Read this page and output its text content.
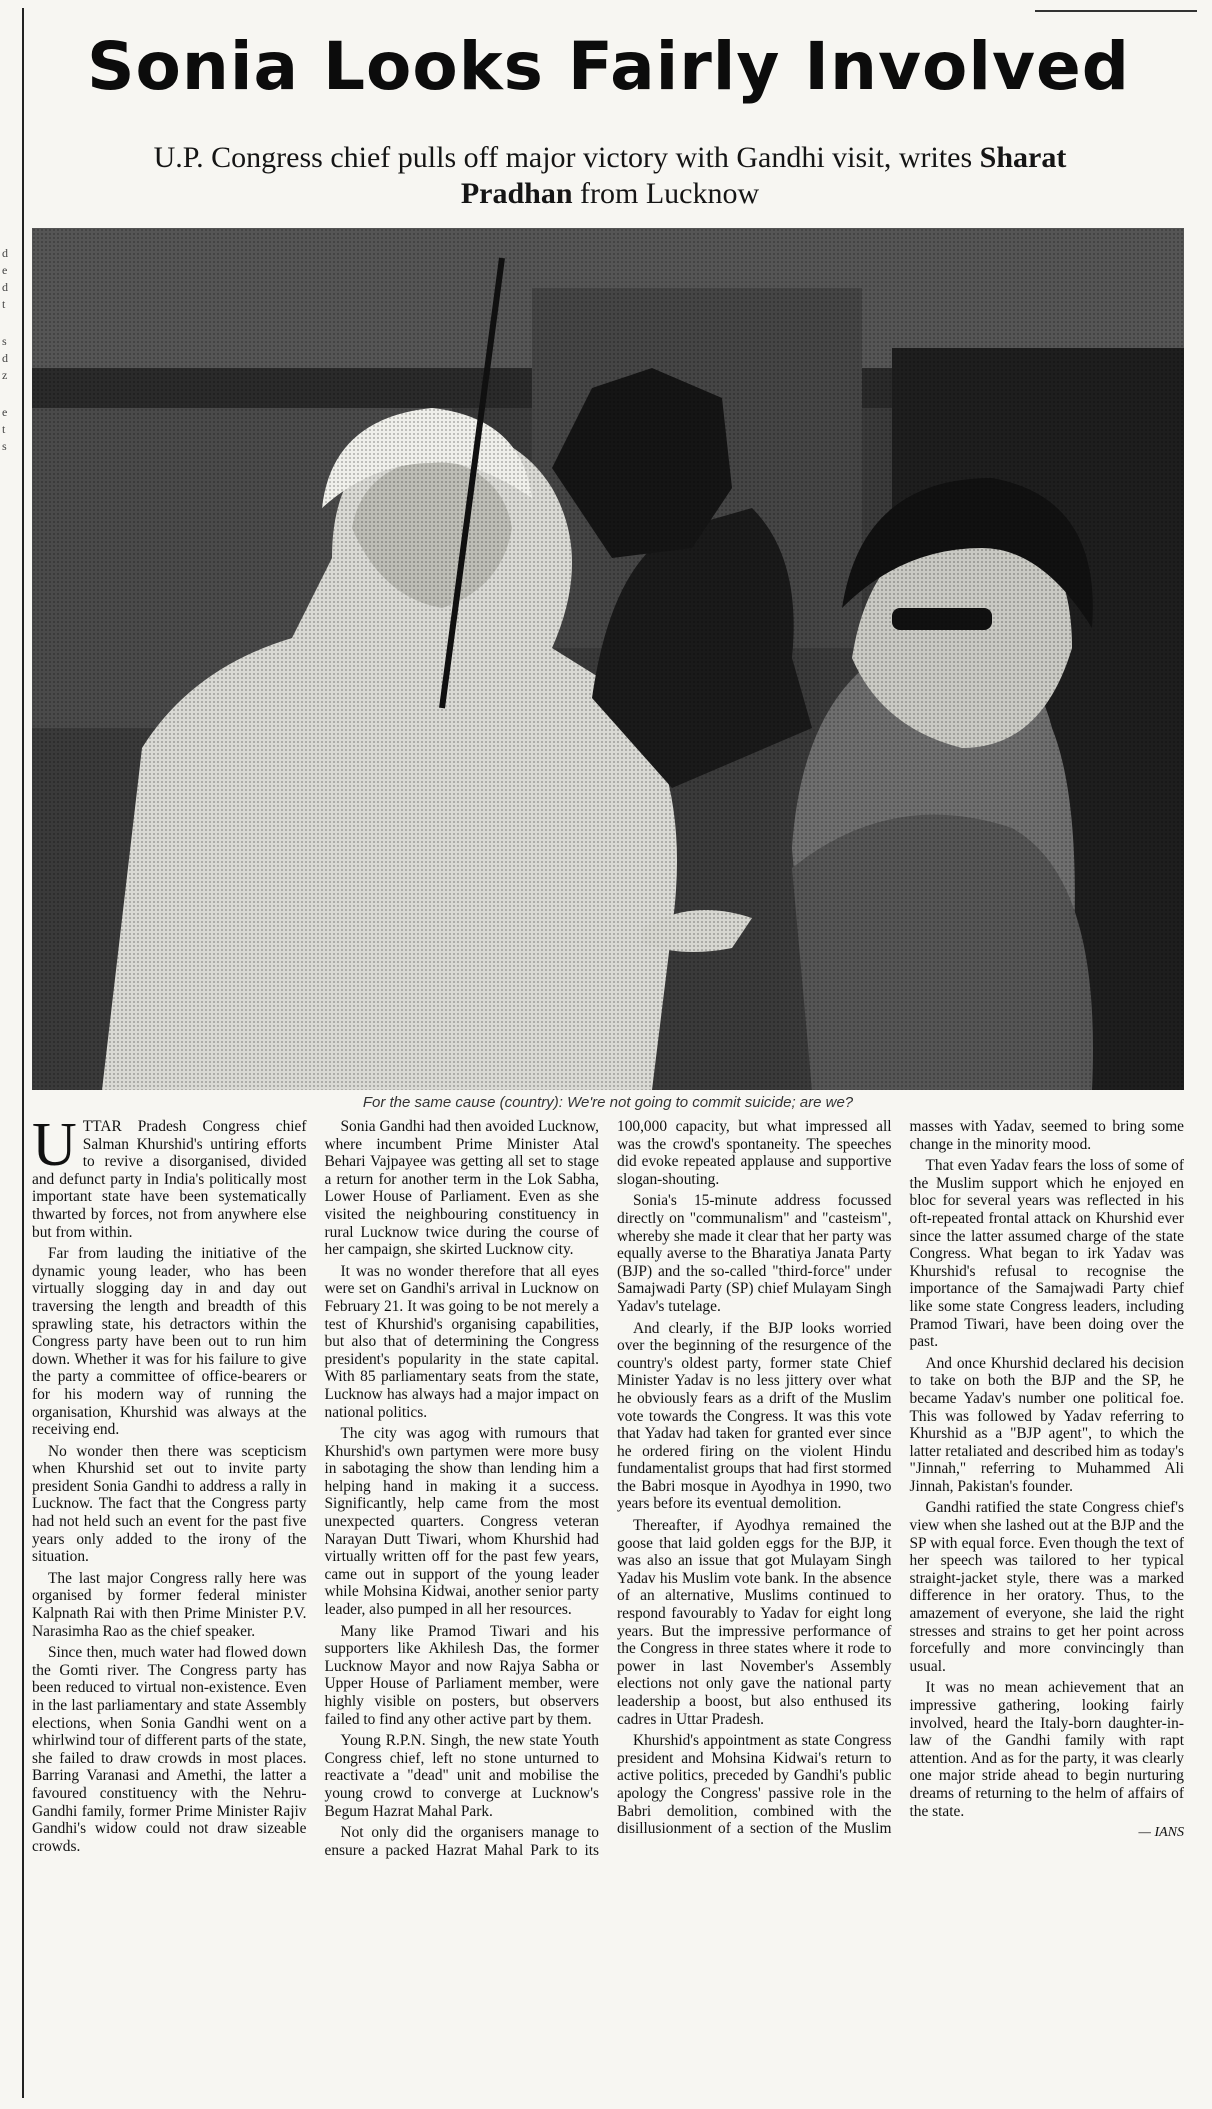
d
e
d
t
s
d
z
e
t
s
Sonia Looks Fairly Involved
U.P. Congress chief pulls off major victory with Gandhi visit, writes Sharat Pradhan from Lucknow
For the same cause (country): We're not going to commit suicide; are we?

UTTAR Pradesh Congress chief Salman Khurshid's untiring efforts to revive a disorganised, divided and defunct party in India's politically most important state have been systematically thwarted by forces, not from anywhere else but from within.

Far from lauding the initiative of the dynamic young leader, who has been virtually slogging day in and day out traversing the length and breadth of this sprawling state, his detractors within the Congress party have been out to run him down. Whether it was for his failure to give the party a committee of office-bearers or for his modern way of running the organisation, Khurshid was always at the receiving end.

No wonder then there was scepticism when Khurshid set out to invite party president Sonia Gandhi to address a rally in Lucknow. The fact that the Congress party had not held such an event for the past five years only added to the irony of the situation.

The last major Congress rally here was organised by former federal minister Kalpnath Rai with then Prime Minister P.V. Narasimha Rao as the chief speaker.

Since then, much water had flowed down the Gomti river. The Congress party has been reduced to virtual non-existence. Even in the last parliamentary and state Assembly elections, when Sonia Gandhi went on a whirlwind tour of different parts of the state, she failed to draw crowds in most places. Barring Varanasi and Amethi, the latter a favoured constituency with the Nehru-Gandhi family, former Prime Minister Rajiv Gandhi's widow could not draw sizeable crowds.

Sonia Gandhi had then avoided Lucknow, where incumbent Prime Minister Atal Behari Vajpayee was getting all set to stage a return for another term in the Lok Sabha, Lower House of Parliament. Even as she visited the neighbouring constituency in rural Lucknow twice during the course of her campaign, she skirted Lucknow city.

It was no wonder therefore that all eyes were set on Gandhi's arrival in Lucknow on February 21. It was going to be not merely a test of Khurshid's organising capabilities, but also that of determining the Congress president's popularity in the state capital. With 85 parliamentary seats from the state, Lucknow has always had a major impact on national politics.

The city was agog with rumours that Khurshid's own partymen were more busy in sabotaging the show than lending him a helping hand in making it a success. Significantly, help came from the most unexpected quarters. Congress veteran Narayan Dutt Tiwari, whom Khurshid had virtually written off for the past few years, came out in support of the young leader while Mohsina Kidwai, another senior party leader, also pumped in all her resources.

Many like Pramod Tiwari and his supporters like Akhilesh Das, the former Lucknow Mayor and now Rajya Sabha or Upper House of Parliament member, were highly visible on posters, but observers failed to find any other active part by them.

Young R.P.N. Singh, the new state Youth Congress chief, left no stone unturned to reactivate a "dead" unit and mobilise the young crowd to converge at Lucknow's Begum Hazrat Mahal Park.

Not only did the organisers manage to ensure a packed Hazrat Mahal Park to its 100,000 capacity, but what impressed all was the crowd's spontaneity. The speeches did evoke repeated applause and supportive slogan-shouting.

Sonia's 15-minute address focussed directly on "communalism" and "casteism", whereby she made it clear that her party was equally averse to the Bharatiya Janata Party (BJP) and the so-called "third-force" under Samajwadi Party (SP) chief Mulayam Singh Yadav's tutelage.

And clearly, if the BJP looks worried over the beginning of the resurgence of the country's oldest party, former state Chief Minister Yadav is no less jittery over what he obviously fears as a drift of the Muslim vote towards the Congress. It was this vote that Yadav had taken for granted ever since he ordered firing on the violent Hindu fundamentalist groups that had first stormed the Babri mosque in Ayodhya in 1990, two years before its eventual demolition.

Thereafter, if Ayodhya remained the goose that laid golden eggs for the BJP, it was also an issue that got Mulayam Singh Yadav his Muslim vote bank. In the absence of an alternative, Muslims continued to respond favourably to Yadav for eight long years. But the impressive performance of the Congress in three states where it rode to power in last November's Assembly elections not only gave the national party leadership a boost, but also enthused its cadres in Uttar Pradesh.

Khurshid's appointment as state Congress president and Mohsina Kidwai's return to active politics, preceded by Gandhi's public apology the Congress' passive role in the Babri demolition, combined with the disillusionment of a section of the Muslim masses with Yadav, seemed to bring some change in the minority mood.

That even Yadav fears the loss of some of the Muslim support which he enjoyed en bloc for several years was reflected in his oft-repeated frontal attack on Khurshid ever since the latter assumed charge of the state Congress. What began to irk Yadav was Khurshid's refusal to recognise the importance of the Samajwadi Party chief like some state Congress leaders, including Pramod Tiwari, have been doing over the past.

And once Khurshid declared his decision to take on both the BJP and the SP, he became Yadav's number one political foe. This was followed by Yadav referring to Khurshid as a "BJP agent", to which the latter retaliated and described him as today's "Jinnah," referring to Muhammed Ali Jinnah, Pakistan's founder.

Gandhi ratified the state Congress chief's view when she lashed out at the BJP and the SP with equal force. Even though the text of her speech was tailored to her typical straight-jacket style, there was a marked difference in her oratory. Thus, to the amazement of everyone, she laid the right stresses and strains to get her point across forcefully and more convincingly than usual.

It was no mean achievement that an impressive gathering, looking fairly involved, heard the Italy-born daughter-in-law of the Gandhi family with rapt attention. And as for the party, it was clearly one major stride ahead to begin nurturing dreams of returning to the helm of affairs of the state.

— IANS
